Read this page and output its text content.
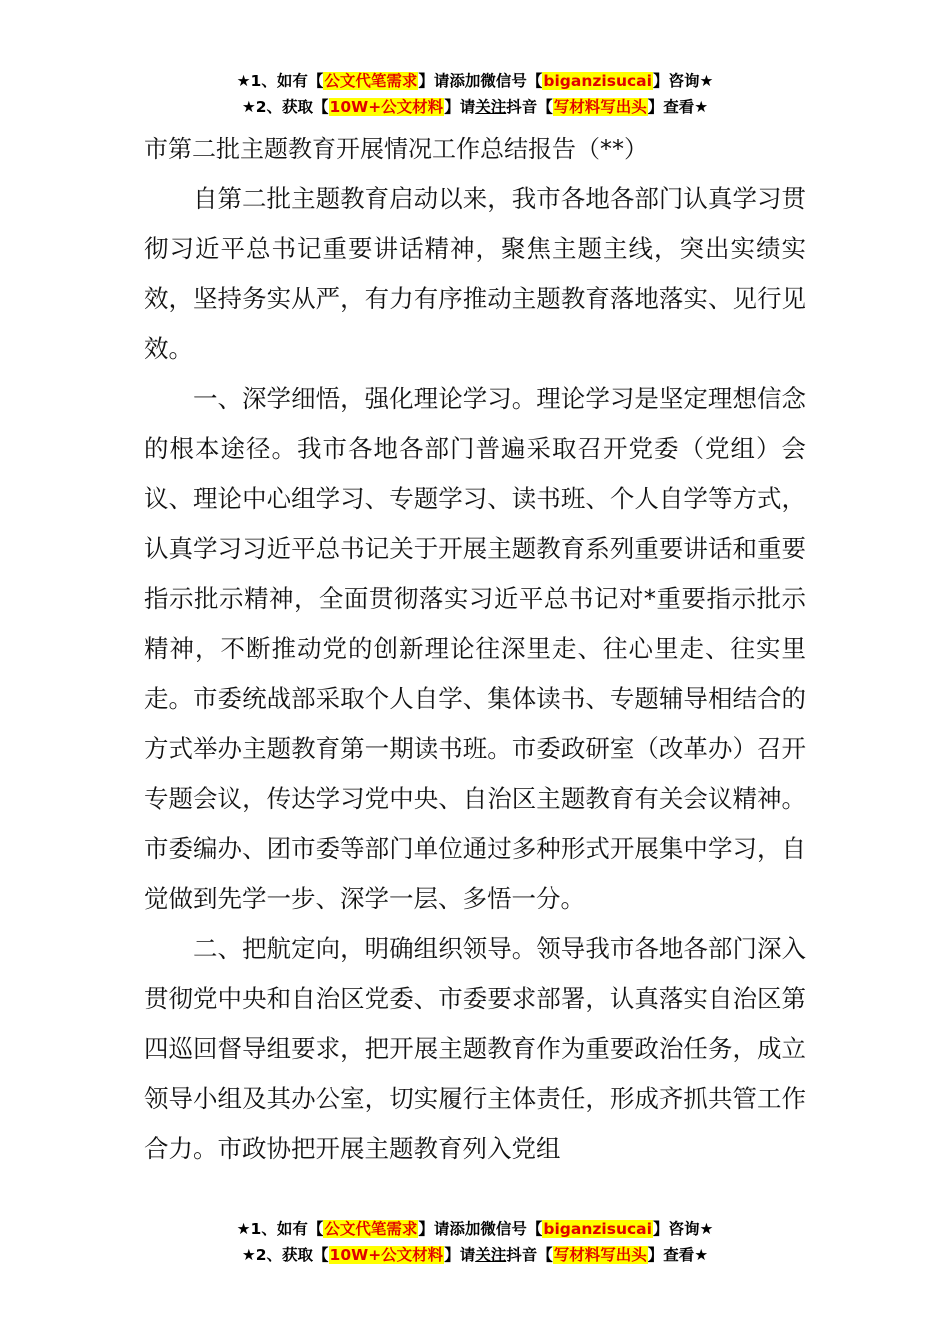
★1、如有【公文代笔需求】请添加微信号【biganzisucai】咨询★
★2、获取【10W+公文材料】请关注抖音【写材料写出头】查看★

市第二批主题教育开展情况工作总结报告（**）

自第二批主题教育启动以来，我市各地各部门认真学习贯彻习近平总书记重要讲话精神，聚焦主题主线，突出实绩实效，坚持务实从严，有力有序推动主题教育落地落实、见行见效。

一、深学细悟，强化理论学习。理论学习是坚定理想信念的根本途径。我市各地各部门普遍采取召开党委（党组）会议、理论中心组学习、专题学习、读书班、个人自学等方式，认真学习习近平总书记关于开展主题教育系列重要讲话和重要指示批示精神，全面贯彻落实习近平总书记对*重要指示批示精神，不断推动党的创新理论往深里走、往心里走、往实里走。市委统战部采取个人自学、集体读书、专题辅导相结合的方式举办主题教育第一期读书班。市委政研室（改革办）召开专题会议，传达学习党中央、自治区主题教育有关会议精神。市委编办、团市委等部门单位通过多种形式开展集中学习，自觉做到先学一步、深学一层、多悟一分。

二、把航定向，明确组织领导。领导我市各地各部门深入贯彻党中央和自治区党委、市委要求部署，认真落实自治区第四巡回督导组要求，把开展主题教育作为重要政治任务，成立领导小组及其办公室，切实履行主体责任，形成齐抓共管工作合力。市政协把开展主题教育列入党组

★1、如有【公文代笔需求】请添加微信号【biganzisucai】咨询★
★2、获取【10W+公文材料】请关注抖音【写材料写出头】查看★
